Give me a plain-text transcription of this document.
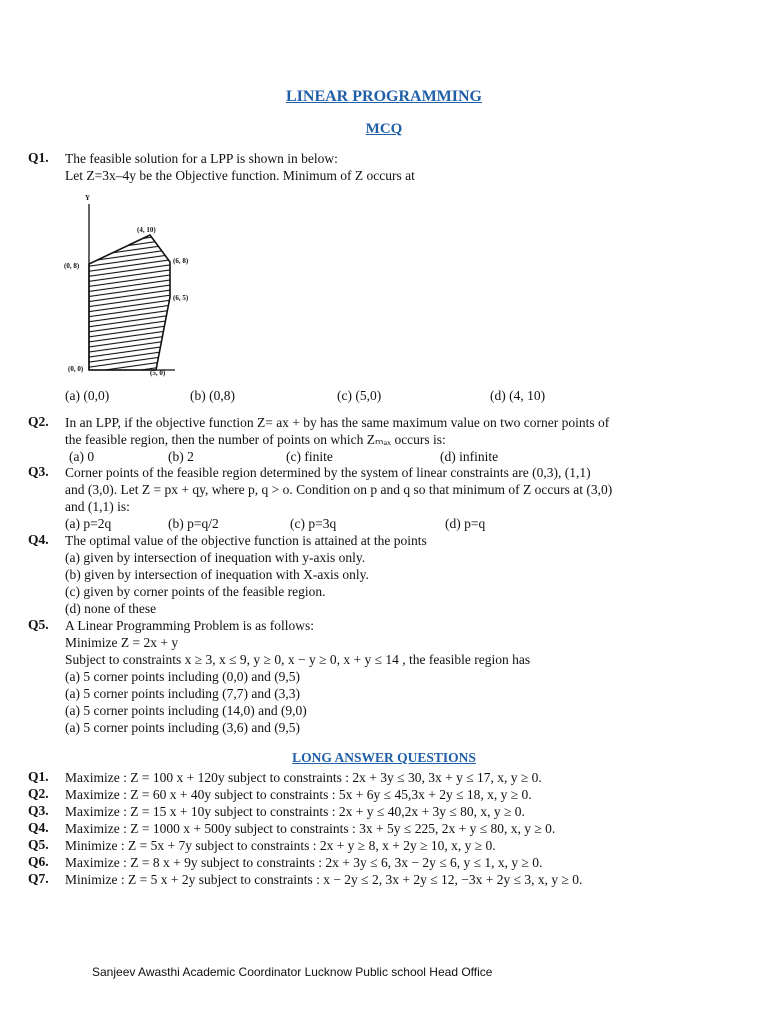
LINEAR PROGRAMMING
MCQ
Q1.	The feasible solution for a LPP is shown in below:
Let Z=3x–4y be the Objective function. Minimum of Z occurs at
Y
(0, 0)	(5, 0)
(6, 5)
(6, 8)
(4, 10)
(0, 8)
(a) (0,0)	(b) (0,8)	(c) (5,0)	(d) (4, 10)
Q2.	In an LPP, if the objective function Z= ax + by has the same maximum value on two corner points of
the feasible region, then the number of points on which Zₘₐₓ occurs is:
(a) 0	(b) 2	(c) finite	(d) infinite
Q3.	Corner points of the feasible region determined by the system of linear constraints are (0,3), (1,1)
and (3,0). Let Z = px + qy, where p, q > o. Condition on p and q so that minimum of Z occurs at (3,0)
and (1,1) is:
(a) p=2q	(b) p=q/2	(c) p=3q	(d) p=q
Q4.	The optimal value of the objective function is attained at the points
(a) given by intersection of inequation with y-axis only.
(b) given by intersection of inequation with X-axis only.
(c) given by corner points of the feasible region.
(d) none of these
Q5.	A Linear Programming Problem is as follows:
Minimize Z = 2x + y
Subject to constraints x ≥ 3, x ≤ 9, y ≥ 0, x − y ≥ 0, x + y ≤ 14 , the feasible region has
(a) 5 corner points including (0,0) and (9,5)
(a) 5 corner points including (7,7) and (3,3)
(a) 5 corner points including (14,0) and (9,0)
(a) 5 corner points including (3,6) and (9,5)
LONG ANSWER QUESTIONS
Q1.	Maximize : Z = 100 x + 120y subject to constraints : 2x + 3y ≤ 30, 3x + y ≤ 17, x, y ≥ 0.
Q2.	Maximize : Z = 60 x + 40y subject to constraints : 5x + 6y ≤ 45,3x + 2y ≤ 18, x, y ≥ 0.
Q3.	Maximize : Z = 15 x + 10y subject to constraints : 2x + y ≤ 40,2x + 3y ≤ 80, x, y ≥ 0.
Q4.	Maximize : Z = 1000 x + 500y subject to constraints : 3x + 5y ≤ 225, 2x + y ≤ 80, x, y ≥ 0.
Q5.	Minimize : Z = 5x + 7y subject to constraints : 2x + y ≥ 8, x + 2y ≥ 10, x, y ≥ 0.
Q6.	Maximize : Z = 8 x + 9y subject to constraints : 2x + 3y ≤ 6, 3x − 2y ≤ 6, y ≤ 1, x, y ≥ 0.
Q7.	Minimize : Z = 5 x + 2y subject to constraints : x − 2y ≤ 2, 3x + 2y ≤ 12, −3x + 2y ≤ 3, x, y ≥ 0.
Sanjeev Awasthi Academic Coordinator Lucknow Public school Head Office
